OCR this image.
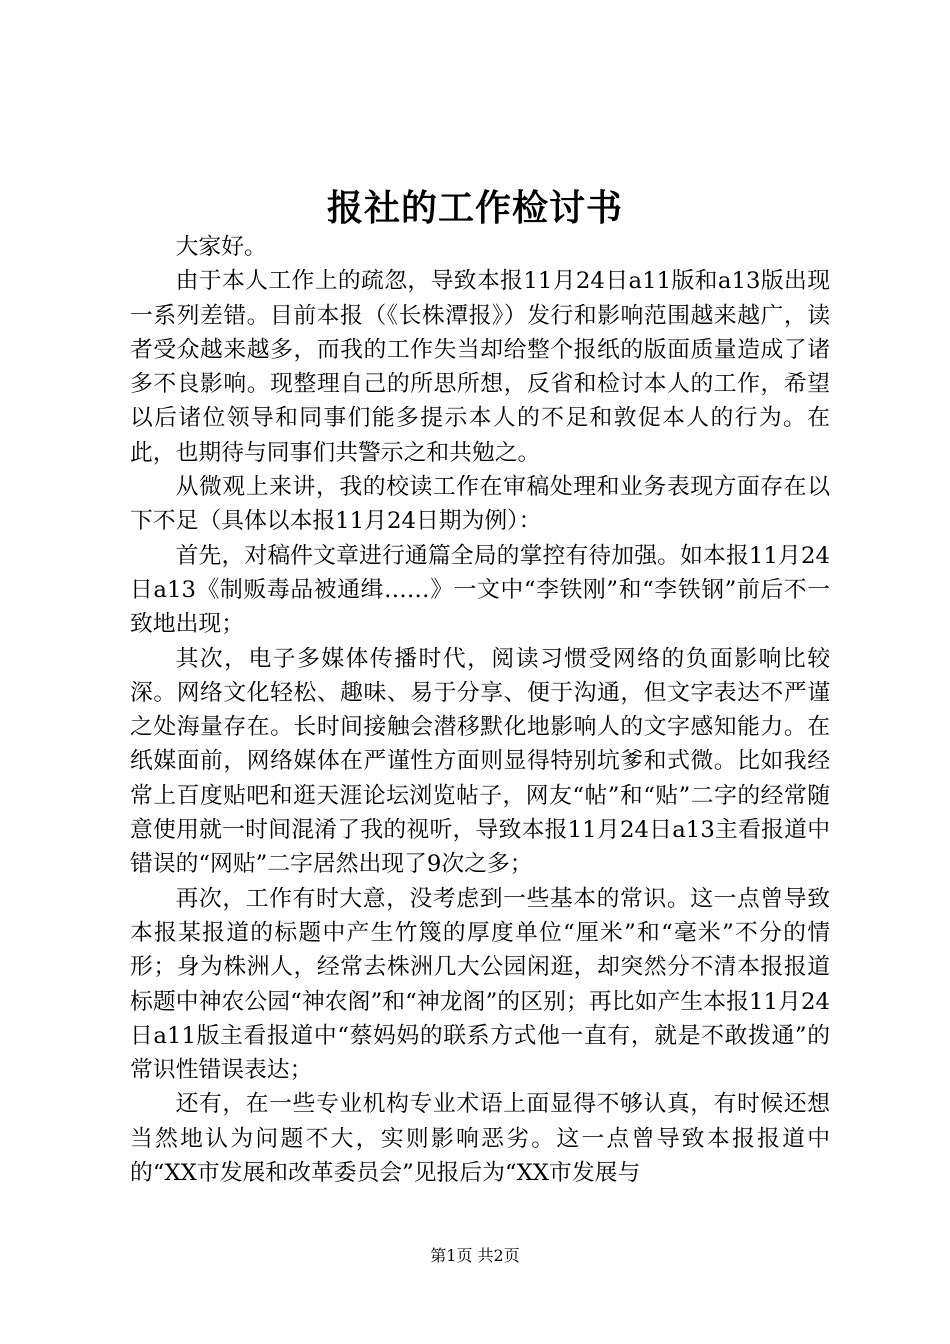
报社的工作检讨书

大家好。

由于本人工作上的疏忽，导致本报11月24日a11版和a13版出现一系列差错。目前本报（《长株潭报》）发行和影响范围越来越广，读者受众越来越多，而我的工作失当却给整个报纸的版面质量造成了诸多不良影响。现整理自己的所思所想，反省和检讨本人的工作，希望以后诸位领导和同事们能多提示本人的不足和敦促本人的行为。在此，也期待与同事们共警示之和共勉之。

从微观上来讲，我的校读工作在审稿处理和业务表现方面存在以下不足（具体以本报11月24日期为例）：

首先，对稿件文章进行通篇全局的掌控有待加强。如本报11月24日a13《制贩毒品被通缉……》一文中“李铁刚”和“李铁钢”前后不一致地出现；

其次，电子多媒体传播时代，阅读习惯受网络的负面影响比较深。网络文化轻松、趣味、易于分享、便于沟通，但文字表达不严谨之处海量存在。长时间接触会潜移默化地影响人的文字感知能力。在纸媒面前，网络媒体在严谨性方面则显得特别坑爹和式微。比如我经常上百度贴吧和逛天涯论坛浏览帖子，网友“帖”和“贴”二字的经常随意使用就一时间混淆了我的视听，导致本报11月24日a13主看报道中错误的“网贴”二字居然出现了9次之多；

再次，工作有时大意，没考虑到一些基本的常识。这一点曾导致本报某报道的标题中产生竹篾的厚度单位“厘米”和“毫米”不分的情形；身为株洲人，经常去株洲几大公园闲逛，却突然分不清本报报道标题中神农公园“神农阁”和“神龙阁”的区别；再比如产生本报11月24日a11版主看报道中“蔡妈妈的联系方式他一直有，就是不敢拨通”的常识性错误表达；

还有，在一些专业机构专业术语上面显得不够认真，有时候还想当然地认为问题不大，实则影响恶劣。这一点曾导致本报报道中的“XX市发展和改革委员会”见报后为“XX市发展与

第1页 共2页
